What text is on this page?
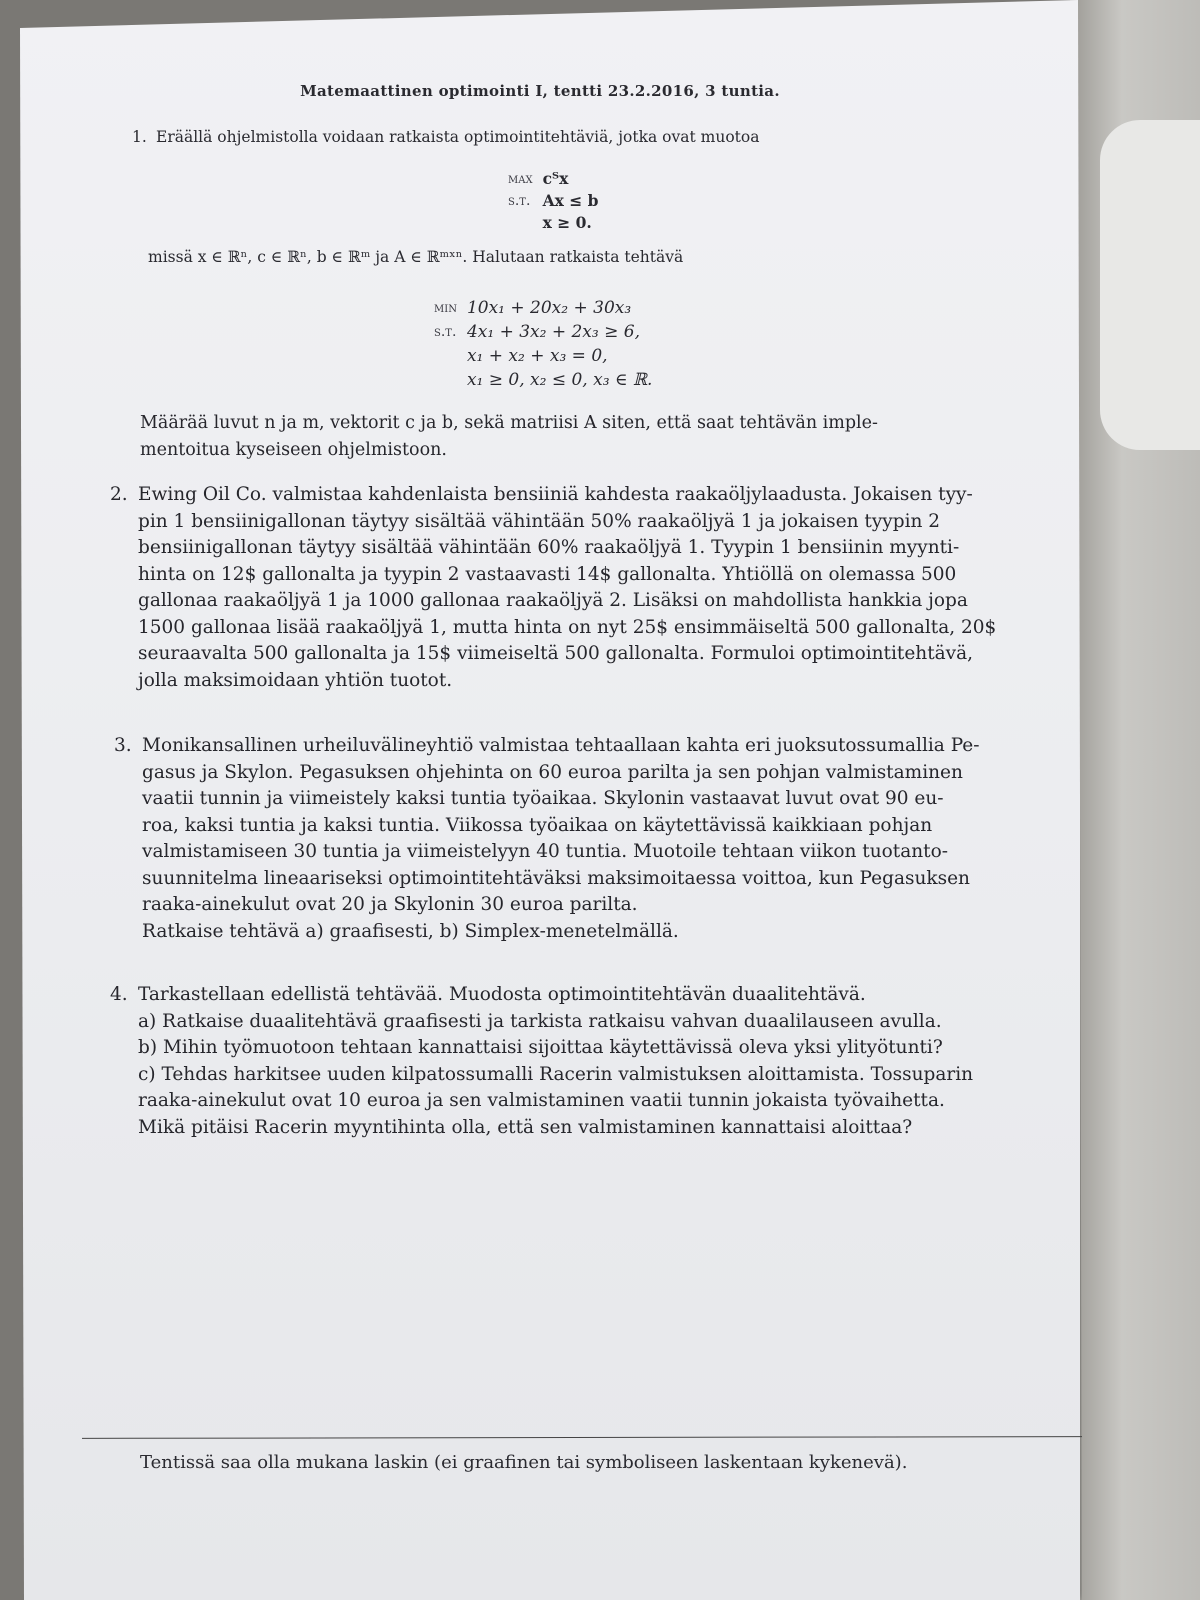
Matemaattinen optimointi I, tentti 23.2.2016, 3 tuntia.
1. Eräällä ohjelmistolla voidaan ratkaista optimointitehtäviä, jotka ovat muotoa
max	cᵀx
s.t.	Ax ≤ b
	x ≥ 0.
missä x ∈ ℝⁿ, c ∈ ℝⁿ, b ∈ ℝᵐ ja A ∈ ℝᵐˣⁿ. Halutaan ratkaista tehtävä
min	10x₁ + 20x₂ + 30x₃
s.t.	4x₁ + 3x₂ + 2x₃ ≥ 6,
	x₁ + x₂ + x₃ = 0,
	x₁ ≥ 0, x₂ ≤ 0, x₃ ∈ ℝ.
Määrää luvut n ja m, vektorit c ja b, sekä matriisi A siten, että saat tehtävän imple-
mentoitua kyseiseen ohjelmistoon.
2. Ewing Oil Co. valmistaa kahdenlaista bensiiniä kahdesta raakaöljylaadusta. Jokaisen tyy-
pin 1 bensiinigallonan täytyy sisältää vähintään 50% raakaöljyä 1 ja jokaisen tyypin 2
bensiinigallonan täytyy sisältää vähintään 60% raakaöljyä 1. Tyypin 1 bensiinin myynti-
hinta on 12$ gallonalta ja tyypin 2 vastaavasti 14$ gallonalta. Yhtiöllä on olemassa 500
gallonaa raakaöljyä 1 ja 1000 gallonaa raakaöljyä 2. Lisäksi on mahdollista hankkia jopa
1500 gallonaa lisää raakaöljyä 1, mutta hinta on nyt 25$ ensimmäiseltä 500 gallonalta, 20$
seuraavalta 500 gallonalta ja 15$ viimeiseltä 500 gallonalta. Formuloi optimointitehtävä,
jolla maksimoidaan yhtiön tuotot.
3. Monikansallinen urheiluvälineyhtiö valmistaa tehtaallaan kahta eri juoksutossumallia Pe-
gasus ja Skylon. Pegasuksen ohjehinta on 60 euroa parilta ja sen pohjan valmistaminen
vaatii tunnin ja viimeistely kaksi tuntia työaikaa. Skylonin vastaavat luvut ovat 90 eu-
roa, kaksi tuntia ja kaksi tuntia. Viikossa työaikaa on käytettävissä kaikkiaan pohjan
valmistamiseen 30 tuntia ja viimeistelyyn 40 tuntia. Muotoile tehtaan viikon tuotanto-
suunnitelma lineaariseksi optimointitehtäväksi maksimoitaessa voittoa, kun Pegasuksen
raaka-ainekulut ovat 20 ja Skylonin 30 euroa parilta.
Ratkaise tehtävä a) graafisesti, b) Simplex-menetelmällä.
4. Tarkastellaan edellistä tehtävää. Muodosta optimointitehtävän duaalitehtävä.
a) Ratkaise duaalitehtävä graafisesti ja tarkista ratkaisu vahvan duaalilauseen avulla.
b) Mihin työmuotoon tehtaan kannattaisi sijoittaa käytettävissä oleva yksi ylityötunti?
c) Tehdas harkitsee uuden kilpatossumalli Racerin valmistuksen aloittamista. Tossuparin
raaka-ainekulut ovat 10 euroa ja sen valmistaminen vaatii tunnin jokaista työvaihetta.
Mikä pitäisi Racerin myyntihinta olla, että sen valmistaminen kannattaisi aloittaa?
Tentissä saa olla mukana laskin (ei graafinen tai symboliseen laskentaan kykenevä).
